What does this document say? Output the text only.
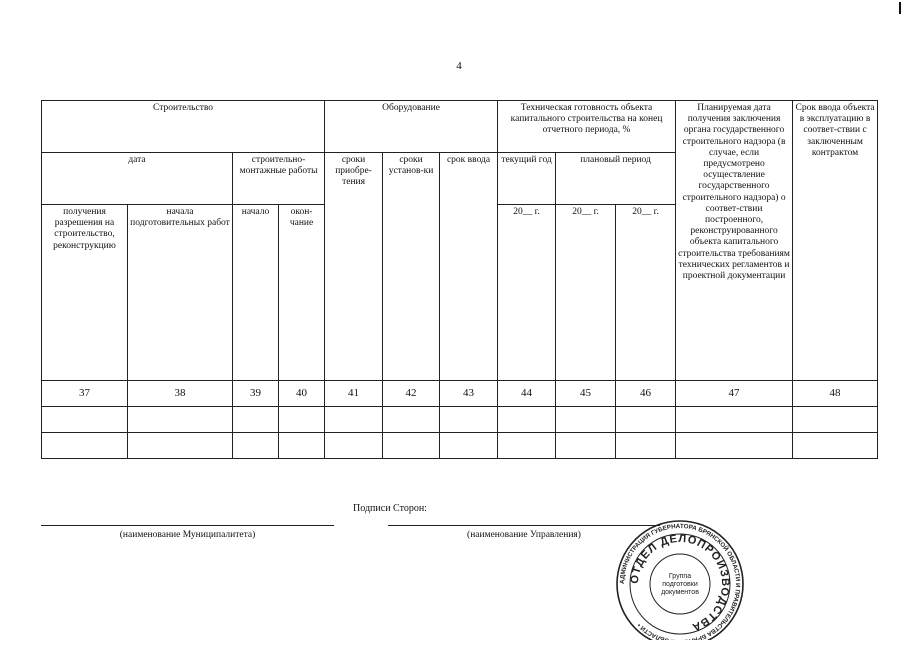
4
Строительство				Оборудование			Техническая готовность объекта капитального строительства на конец отчетного периода, %			Планируемая дата получения заключения органа государственного строительного надзора (в случае, если предусмотрено осуществление государственного строительного надзора) о соответ-ствии построенного, реконструированного объекта капитального строительства требованиям технических регламентов и проектной документации	Срок ввода объекта в эксплуатацию в соответ-ствии с заключенным контрактом
дата		строительно-монтажные работы		сроки приобре-тения	сроки установ-ки	срок ввода	текущий год	плановый период			
получения разрешения на строительство, реконструкцию	начала подготовительных работ	начало	окон-чание				20__ г.	20__ г.	20__ г.		
37	38	39	40	41	42	43	44	45	46	47	48

Подписи Сторон:
(наименование Муниципалитета)	(наименование Управления)
АДМИНИСТРАЦИЯ ГУБЕРНАТОРА БРЯНСКОЙ ОБЛАСТИ И ПРАВИТЕЛЬСТВА БРЯ ОБЛАСТИ •
ОТДЕЛ ДЕЛОПРОИЗВОДСТВА
Группа
подготовки
документов
